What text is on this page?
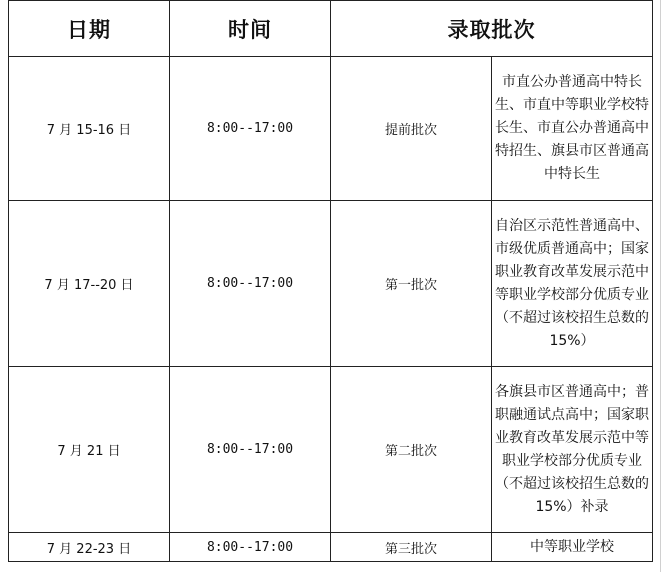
日期	时间	录取批次	
7 月 15-16 日	8:00--17:00	提前批次	市直公办普通高中特长生、市直中等职业学校特长生、市直公办普通高中特招生、旗县市区普通高中特长生
7 月 17--20 日	8:00--17:00	第一批次	自治区示范性普通高中、市级优质普通高中；国家职业教育改革发展示范中等职业学校部分优质专业（不超过该校招生总数的 15%）
7 月 21 日	8:00--17:00	第二批次	各旗县市区普通高中；普职融通试点高中；国家职业教育改革发展示范中等职业学校部分优质专业（不超过该校招生总数的 15%）补录
7 月 22-23 日	8:00--17:00	第三批次	中等职业学校
